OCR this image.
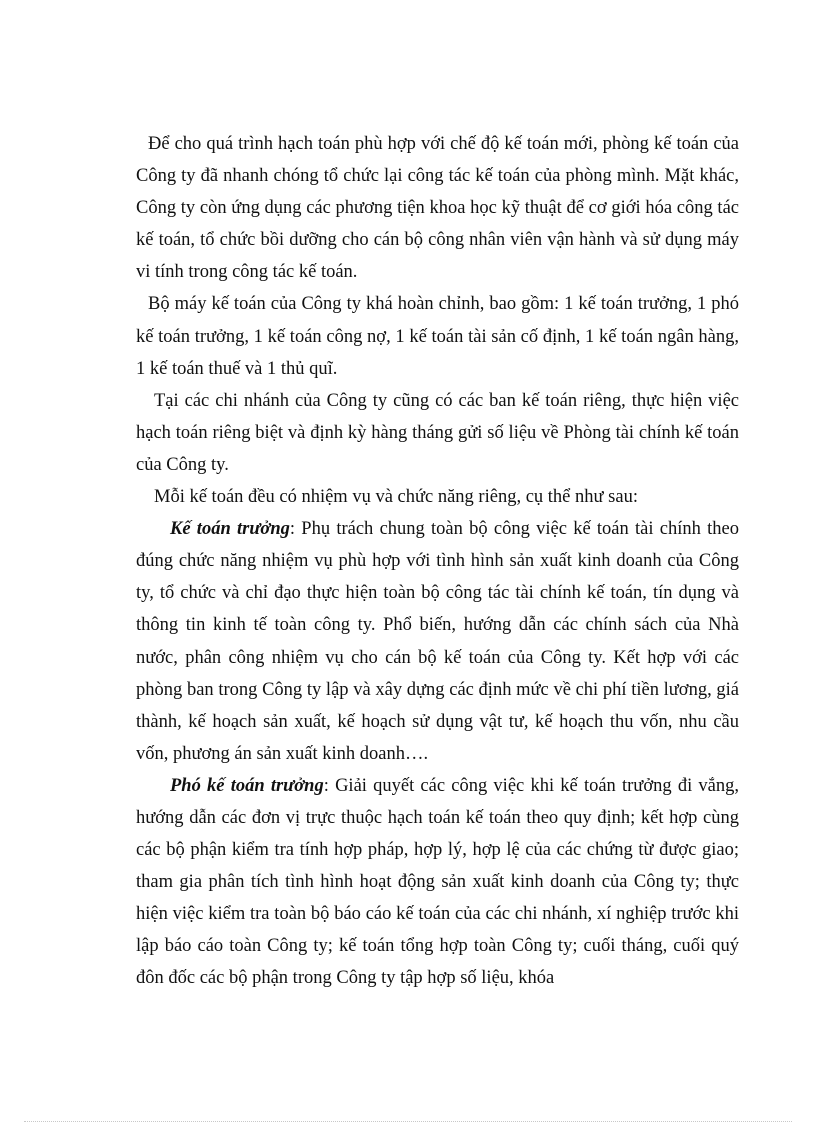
Để cho quá trình hạch toán phù hợp với chế độ kế toán mới, phòng kế toán của Công ty đã nhanh chóng tổ chức lại công tác kế toán của phòng mình. Mặt khác, Công ty còn ứng dụng các phương tiện khoa học kỹ thuật để cơ giới hóa công tác kế toán, tổ chức bồi dưỡng cho cán bộ công nhân viên vận hành và sử dụng máy vi tính trong công tác kế toán.

Bộ máy kế toán của Công ty khá hoàn chỉnh, bao gồm: 1 kế toán trưởng, 1 phó kế toán trưởng, 1 kế toán công nợ, 1 kế toán tài sản cố định, 1 kế toán ngân hàng, 1 kế toán thuế và 1 thủ quĩ.

Tại các chi nhánh của Công ty cũng có các ban kế toán riêng, thực hiện việc hạch toán riêng biệt và định kỳ hàng tháng gửi số liệu về Phòng tài chính kế toán của Công ty.

Mỗi kế toán đều có nhiệm vụ và chức năng riêng, cụ thể như sau:

Kế toán trưởng: Phụ trách chung toàn bộ công việc kế toán tài chính theo đúng chức năng nhiệm vụ phù hợp với tình hình sản xuất kinh doanh của Công ty, tổ chức và chỉ đạo thực hiện toàn bộ công tác tài chính kế toán, tín dụng và thông tin kinh tế toàn công ty. Phổ biến, hướng dẫn các chính sách của Nhà nước, phân công nhiệm vụ cho cán bộ kế toán của Công ty. Kết hợp với các phòng ban trong Công ty lập và xây dựng các định mức về chi phí tiền lương, giá thành, kế hoạch sản xuất, kế hoạch sử dụng vật tư, kế hoạch thu vốn, nhu cầu vốn, phương án sản xuất kinh doanh….

Phó kế toán trưởng: Giải quyết các công việc khi kế toán trưởng đi vắng, hướng dẫn các đơn vị trực thuộc hạch toán kế toán theo quy định; kết hợp cùng các bộ phận kiểm tra tính hợp pháp, hợp lý, hợp lệ của các chứng từ được giao; tham gia phân tích tình hình hoạt động sản xuất kinh doanh của Công ty; thực hiện việc kiểm tra toàn bộ báo cáo kế toán của các chi nhánh, xí nghiệp trước khi lập báo cáo toàn Công ty; kế toán tổng hợp toàn Công ty; cuối tháng, cuối quý đôn đốc các bộ phận trong Công ty tập hợp số liệu, khóa
